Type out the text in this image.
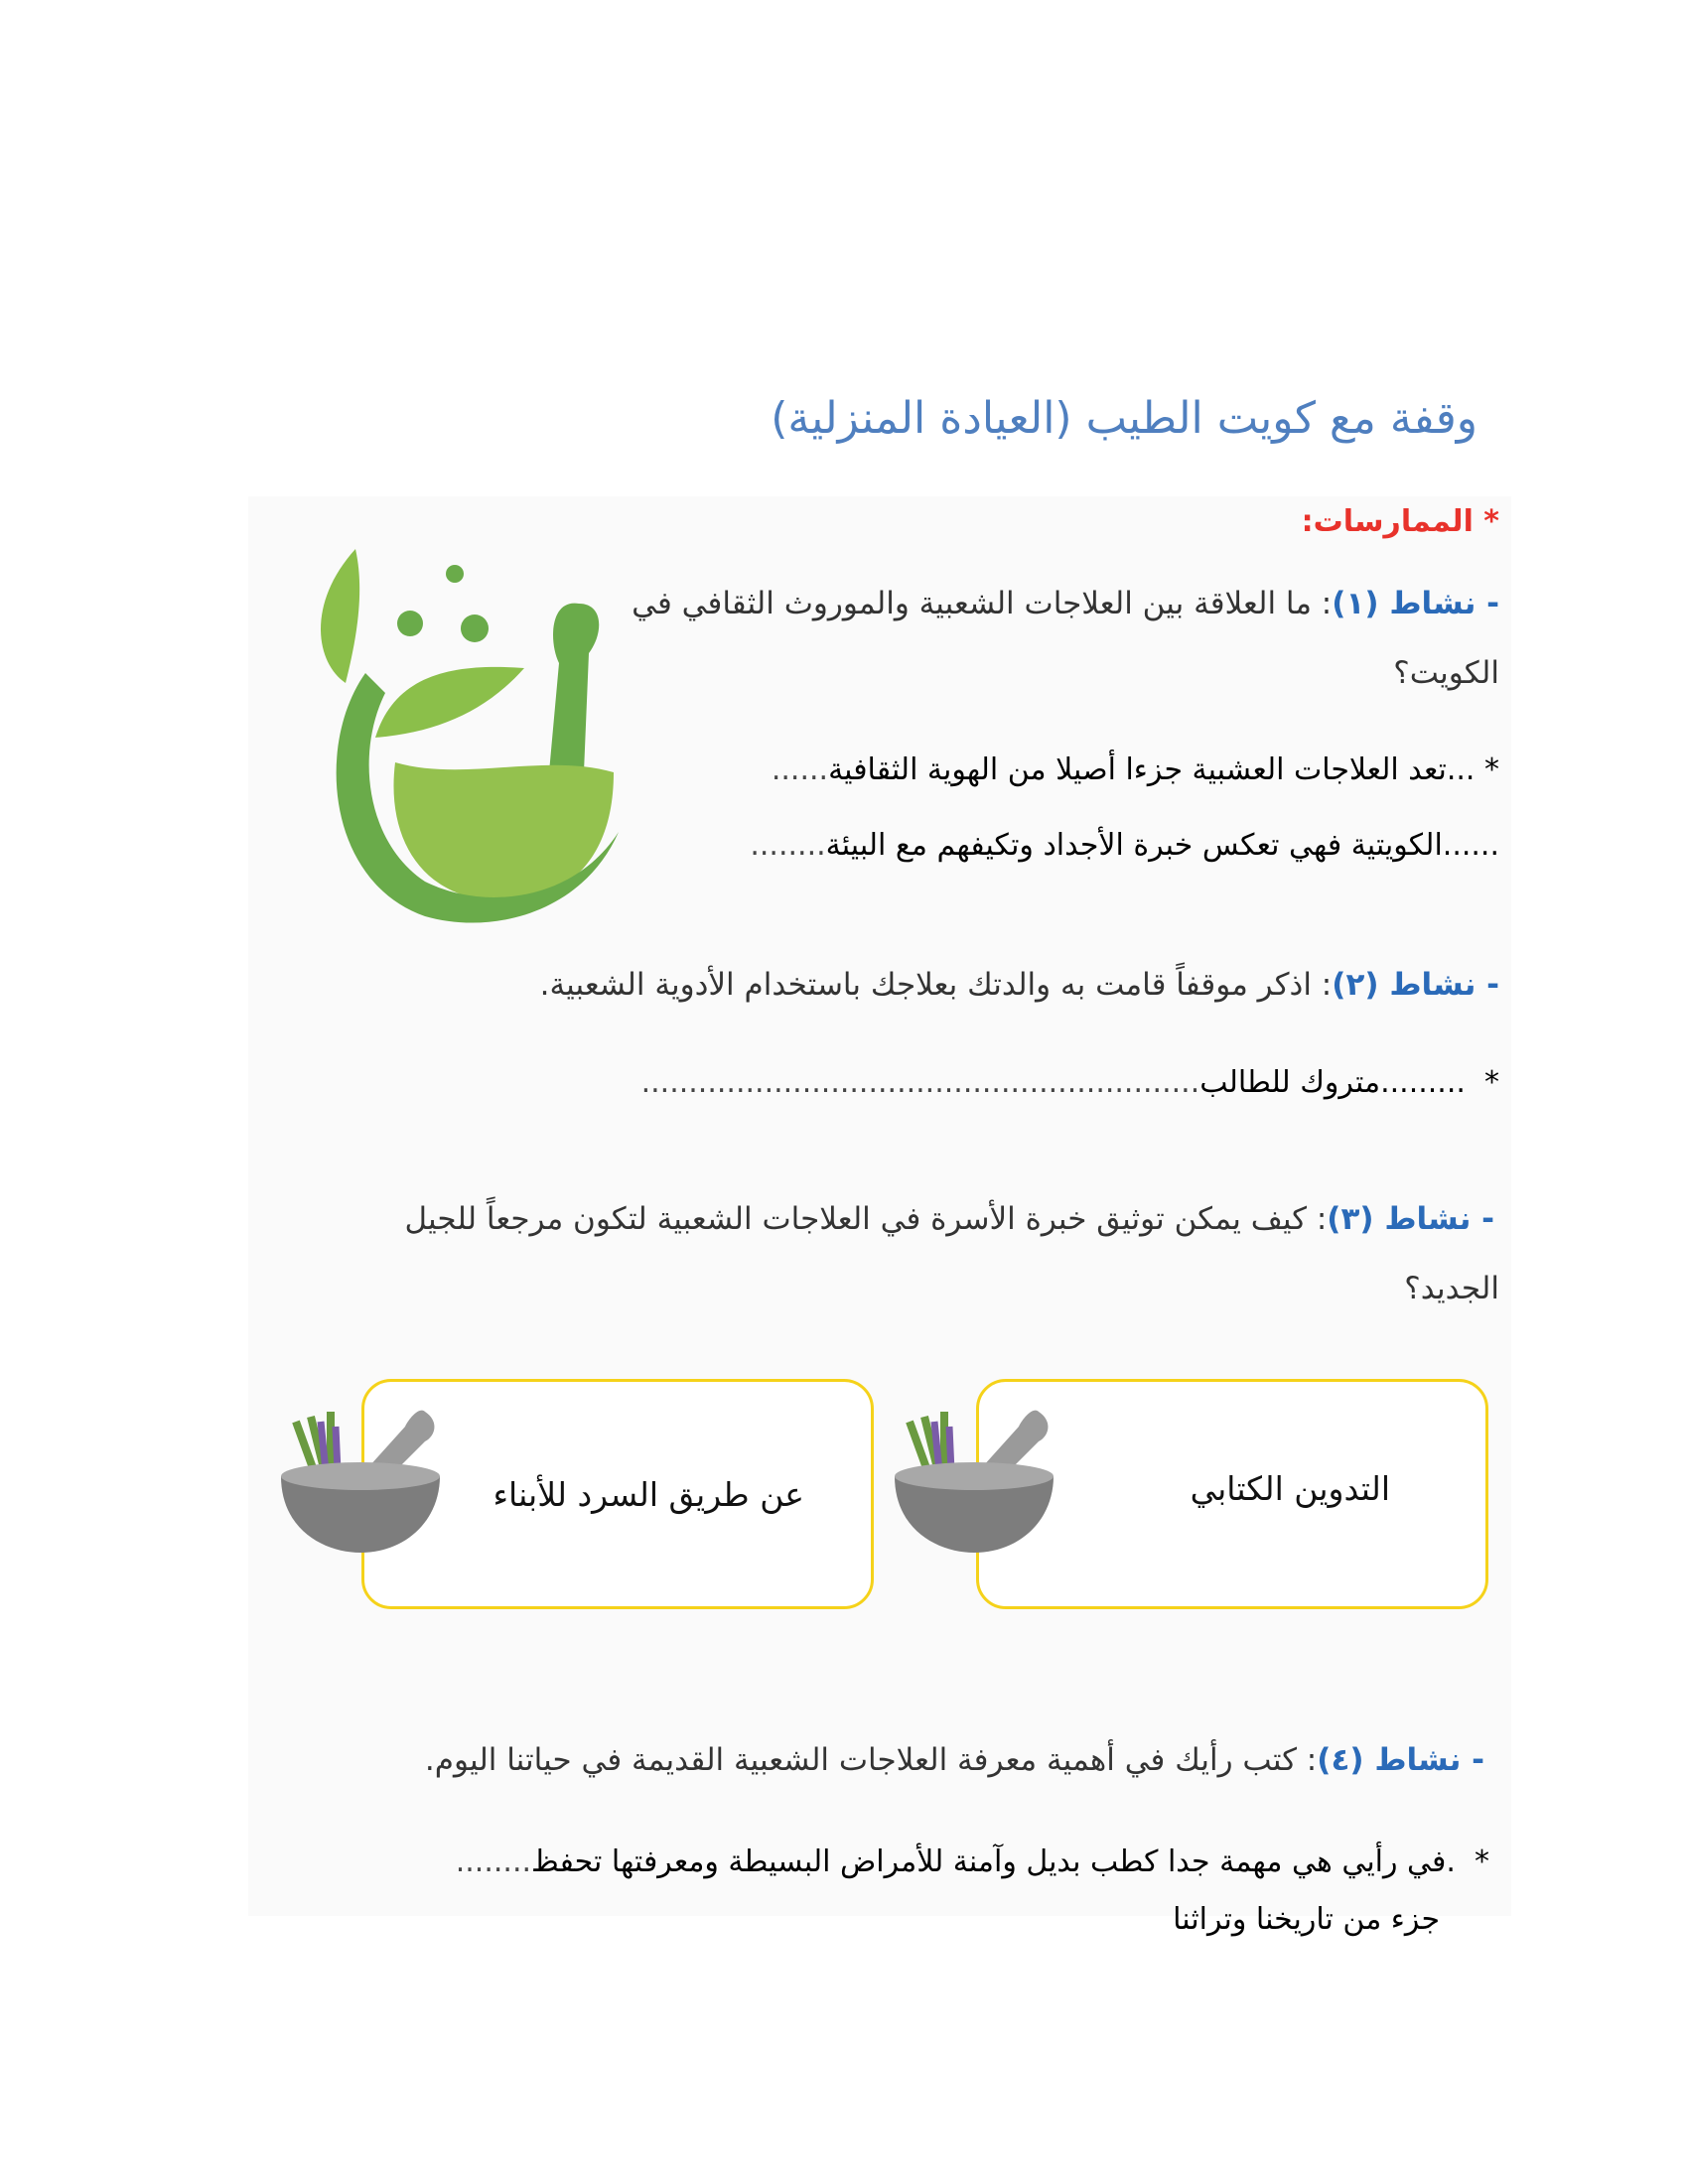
وقفة مع كويت الطيب (العيادة المنزلية)
* الممارسات:
- نشاط (١): ما العلاقة بين العلاجات الشعبية والموروث الثقافي في
الكويت؟
* ...تعد العلاجات العشبية جزءا أصيلا من الهوية الثقافية......
......الكويتية فهي تعكس خبرة الأجداد وتكيفهم مع البيئة........
- نشاط (٢): اذكر موقفاً قامت به والدتك بعلاجك باستخدام الأدوية الشعبية.
*  .........متروك للطالب...........................................................
- نشاط (٣): كيف يمكن توثيق خبرة الأسرة في العلاجات الشعبية لتكون مرجعاً للجيل
الجديد؟
التدوين الكتابي
عن طريق السرد للأبناء
- نشاط (٤): كتب رأيك في أهمية معرفة العلاجات الشعبية القديمة في حياتنا اليوم.
*  .في رأيي هي مهمة جدا كطب بديل وآمنة للأمراض البسيطة ومعرفتها تحفظ........
جزء من تاريخنا وتراثنا
